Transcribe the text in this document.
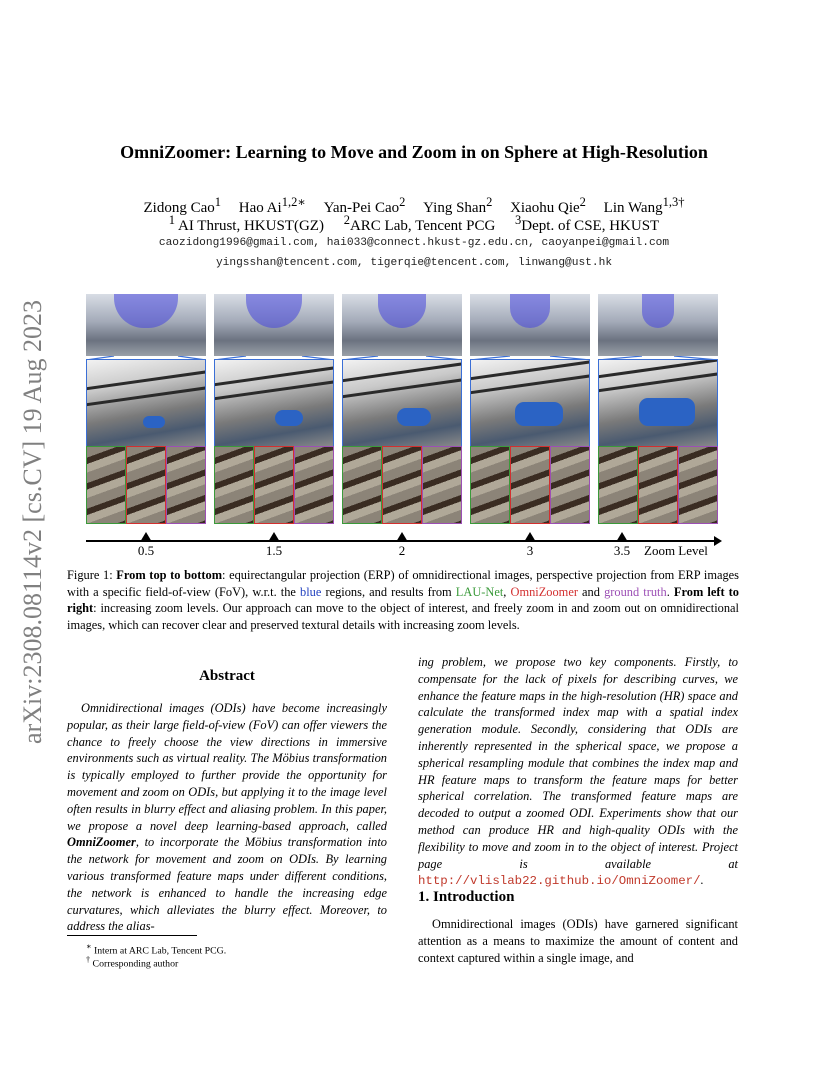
arXiv:2308.08114v2 [cs.CV] 19 Aug 2023
OmniZoomer: Learning to Move and Zoom in on Sphere at High-Resolution
Zidong Cao$^1$ Hao $Ai^{1,2∗}$ Yan-Pei Cao$^2$ Ying Shan$^2$ Xiaohu Qie$^2$ Lin Wang$^{1,3\dagger}$
$^1$ AI Thrust, HKUST(GZ) $^2$ARC Lab, Tencent PCG $^3$Dept. of CSE, HKUST
caozidong1996@gmail.com, hai033@connect.hkust-gz.edu.cn, caoyanpei@gmail.com
yingsshan@tencent.com, tigerqie@tencent.com, linwang@ust.hk
0.5	1.5	2	3	3.5	Zoom Level
Figure 1: From top to bottom: equirectangular projection (ERP) of omnidirectional images, perspective projection from ERP images with a specific field-of-view (FoV), w.r.t. the blue regions, and results from LAU-Net, OmniZoomer and ground truth. From left to right: increasing zoom levels. Our approach can move to the object of interest, and freely zoom in and zoom out on omnidirectional images, which can recover clear and preserved textural details with increasing zoom levels.
Abstract
Omnidirectional images (ODIs) have become increasingly popular, as their large field-of-view (FoV) can offer viewers the chance to freely choose the view directions in immersive environments such as virtual reality. The Möbius transformation is typically employed to further provide the opportunity for movement and zoom on ODIs, but applying it to the image level often results in blurry effect and aliasing problem. In this paper, we propose a novel deep learning-based approach, called OmniZoomer, to incorporate the Möbius transformation into the network for movement and zoom on ODIs. By learning various transformed feature maps under different conditions, the network is enhanced to handle the increasing edge curvatures, which alleviates the blurry effect. Moreover, to address the alias-
ing problem, we propose two key components. Firstly, to compensate for the lack of pixels for describing curves, we enhance the feature maps in the high-resolution (HR) space and calculate the transformed index map with a spatial index generation module. Secondly, considering that ODIs are inherently represented in the spherical space, we propose a spherical resampling module that combines the index map and HR feature maps to transform the feature maps for better spherical correlation. The transformed feature maps are decoded to output a zoomed ODI. Experiments show that our method can produce HR and high-quality ODIs with the flexibility to move and zoom in to the object of interest. Project page is available at http://vlislab22.github.io/OmniZoomer/.
1. Introduction
Omnidirectional images (ODIs) have garnered significant attention as a means to maximize the amount of content and context captured within a single image, and
∗ Intern at ARC Lab, Tencent PCG.
† Corresponding author
